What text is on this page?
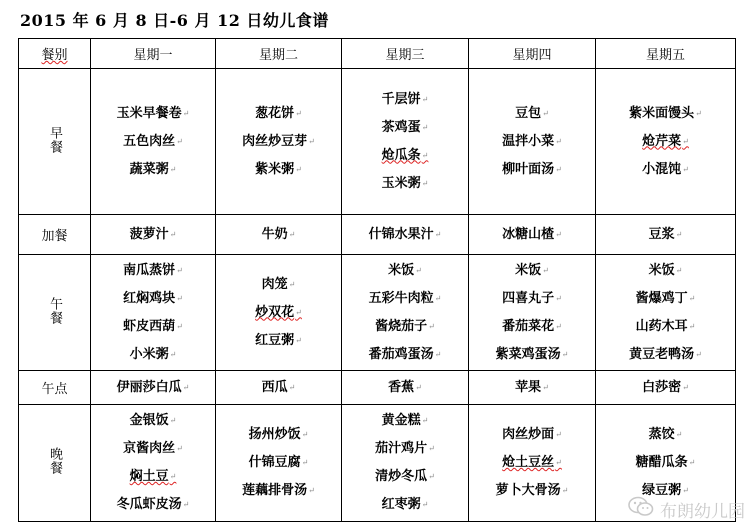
2015 年 6 月 8 日-6 月 12 日幼儿食谱
餐别	星期一	星期二	星期三	星期四	星期五
早餐	玉米早餐卷 ↵
五色肉丝 ↵
蔬菜粥 ↵	葱花饼 ↵
肉丝炒豆芽 ↵
紫米粥 ↵	千层饼 ↵
茶鸡蛋 ↵
炝瓜条 ↵
玉米粥 ↵	豆包 ↵
温拌小菜 ↵
柳叶面汤 ↵	紫米面馒头 ↵
炝芹菜 ↵
小混饨 ↵

加餐	菠萝汁 ↵	牛奶 ↵	什锦水果汁 ↵	冰糖山楂 ↵	豆浆 ↵

午餐	南瓜蒸饼 ↵
红焖鸡块 ↵
虾皮西葫 ↵
小米粥 ↵	肉笼 ↵
炒双花 ↵
红豆粥 ↵	米饭 ↵
五彩牛肉粒 ↵
酱烧茄子 ↵
番茄鸡蛋汤 ↵	米饭 ↵
四喜丸子 ↵
番茄菜花 ↵
紫菜鸡蛋汤 ↵	米饭 ↵
酱爆鸡丁 ↵
山药木耳 ↵
黄豆老鸭汤 ↵

午点	伊丽莎白瓜 ↵	西瓜 ↵	香蕉 ↵	苹果 ↵	白莎密 ↵

晚餐	金银饭 ↵
京酱肉丝 ↵
焖土豆 ↵
冬瓜虾皮汤 ↵	扬州炒饭 ↵
什锦豆腐 ↵
莲藕排骨汤 ↵	黄金糕 ↵
茄汁鸡片 ↵
清炒冬瓜 ↵
红枣粥 ↵	肉丝炒面 ↵
炝土豆丝 ↵
萝卜大骨汤 ↵	蒸饺 ↵
糖醋瓜条 ↵
绿豆粥 ↵
布朗幼儿园
